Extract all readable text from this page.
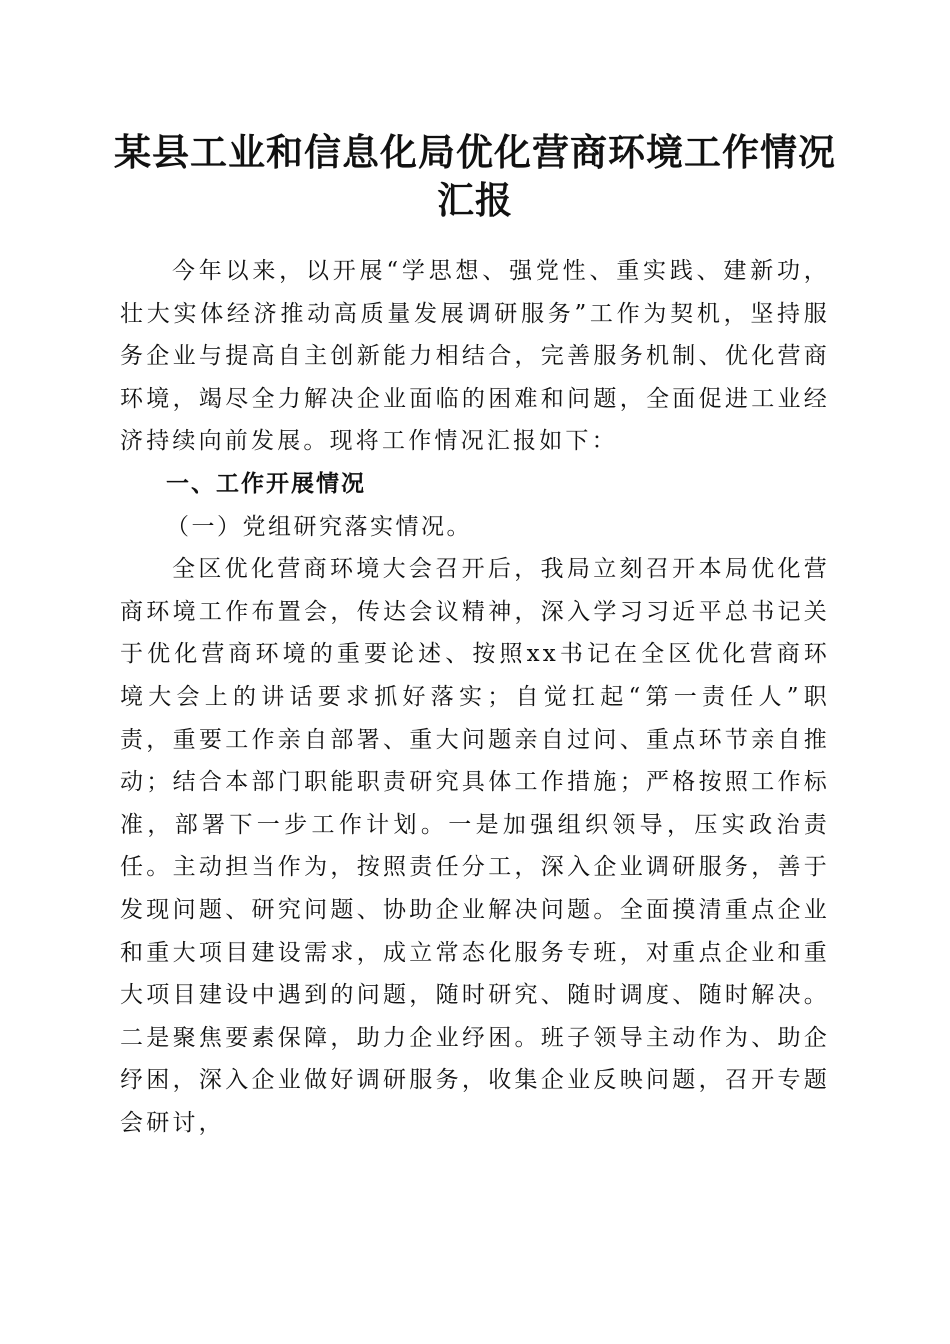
某县工业和信息化局优化营商环境工作情况汇报

今年以来，以开展“学思想、强党性、重实践、建新功，壮大实体经济推动高质量发展调研服务”工作为契机，坚持服务企业与提高自主创新能力相结合，完善服务机制、优化营商环境，竭尽全力解决企业面临的困难和问题，全面促进工业经济持续向前发展。现将工作情况汇报如下：

一、工作开展情况

（一）党组研究落实情况。

全区优化营商环境大会召开后，我局立刻召开本局优化营商环境工作布置会，传达会议精神，深入学习习近平总书记关于优化营商环境的重要论述、按照xx书记在全区优化营商环境大会上的讲话要求抓好落实；自觉扛起“第一责任人”职责，重要工作亲自部署、重大问题亲自过问、重点环节亲自推动；结合本部门职能职责研究具体工作措施；严格按照工作标准，部署下一步工作计划。一是加强组织领导，压实政治责任。主动担当作为，按照责任分工，深入企业调研服务，善于发现问题、研究问题、协助企业解决问题。全面摸清重点企业和重大项目建设需求，成立常态化服务专班，对重点企业和重大项目建设中遇到的问题，随时研究、随时调度、随时解决。二是聚焦要素保障，助力企业纾困。班子领导主动作为、助企纾困，深入企业做好调研服务，收集企业反映问题，召开专题会研讨，
